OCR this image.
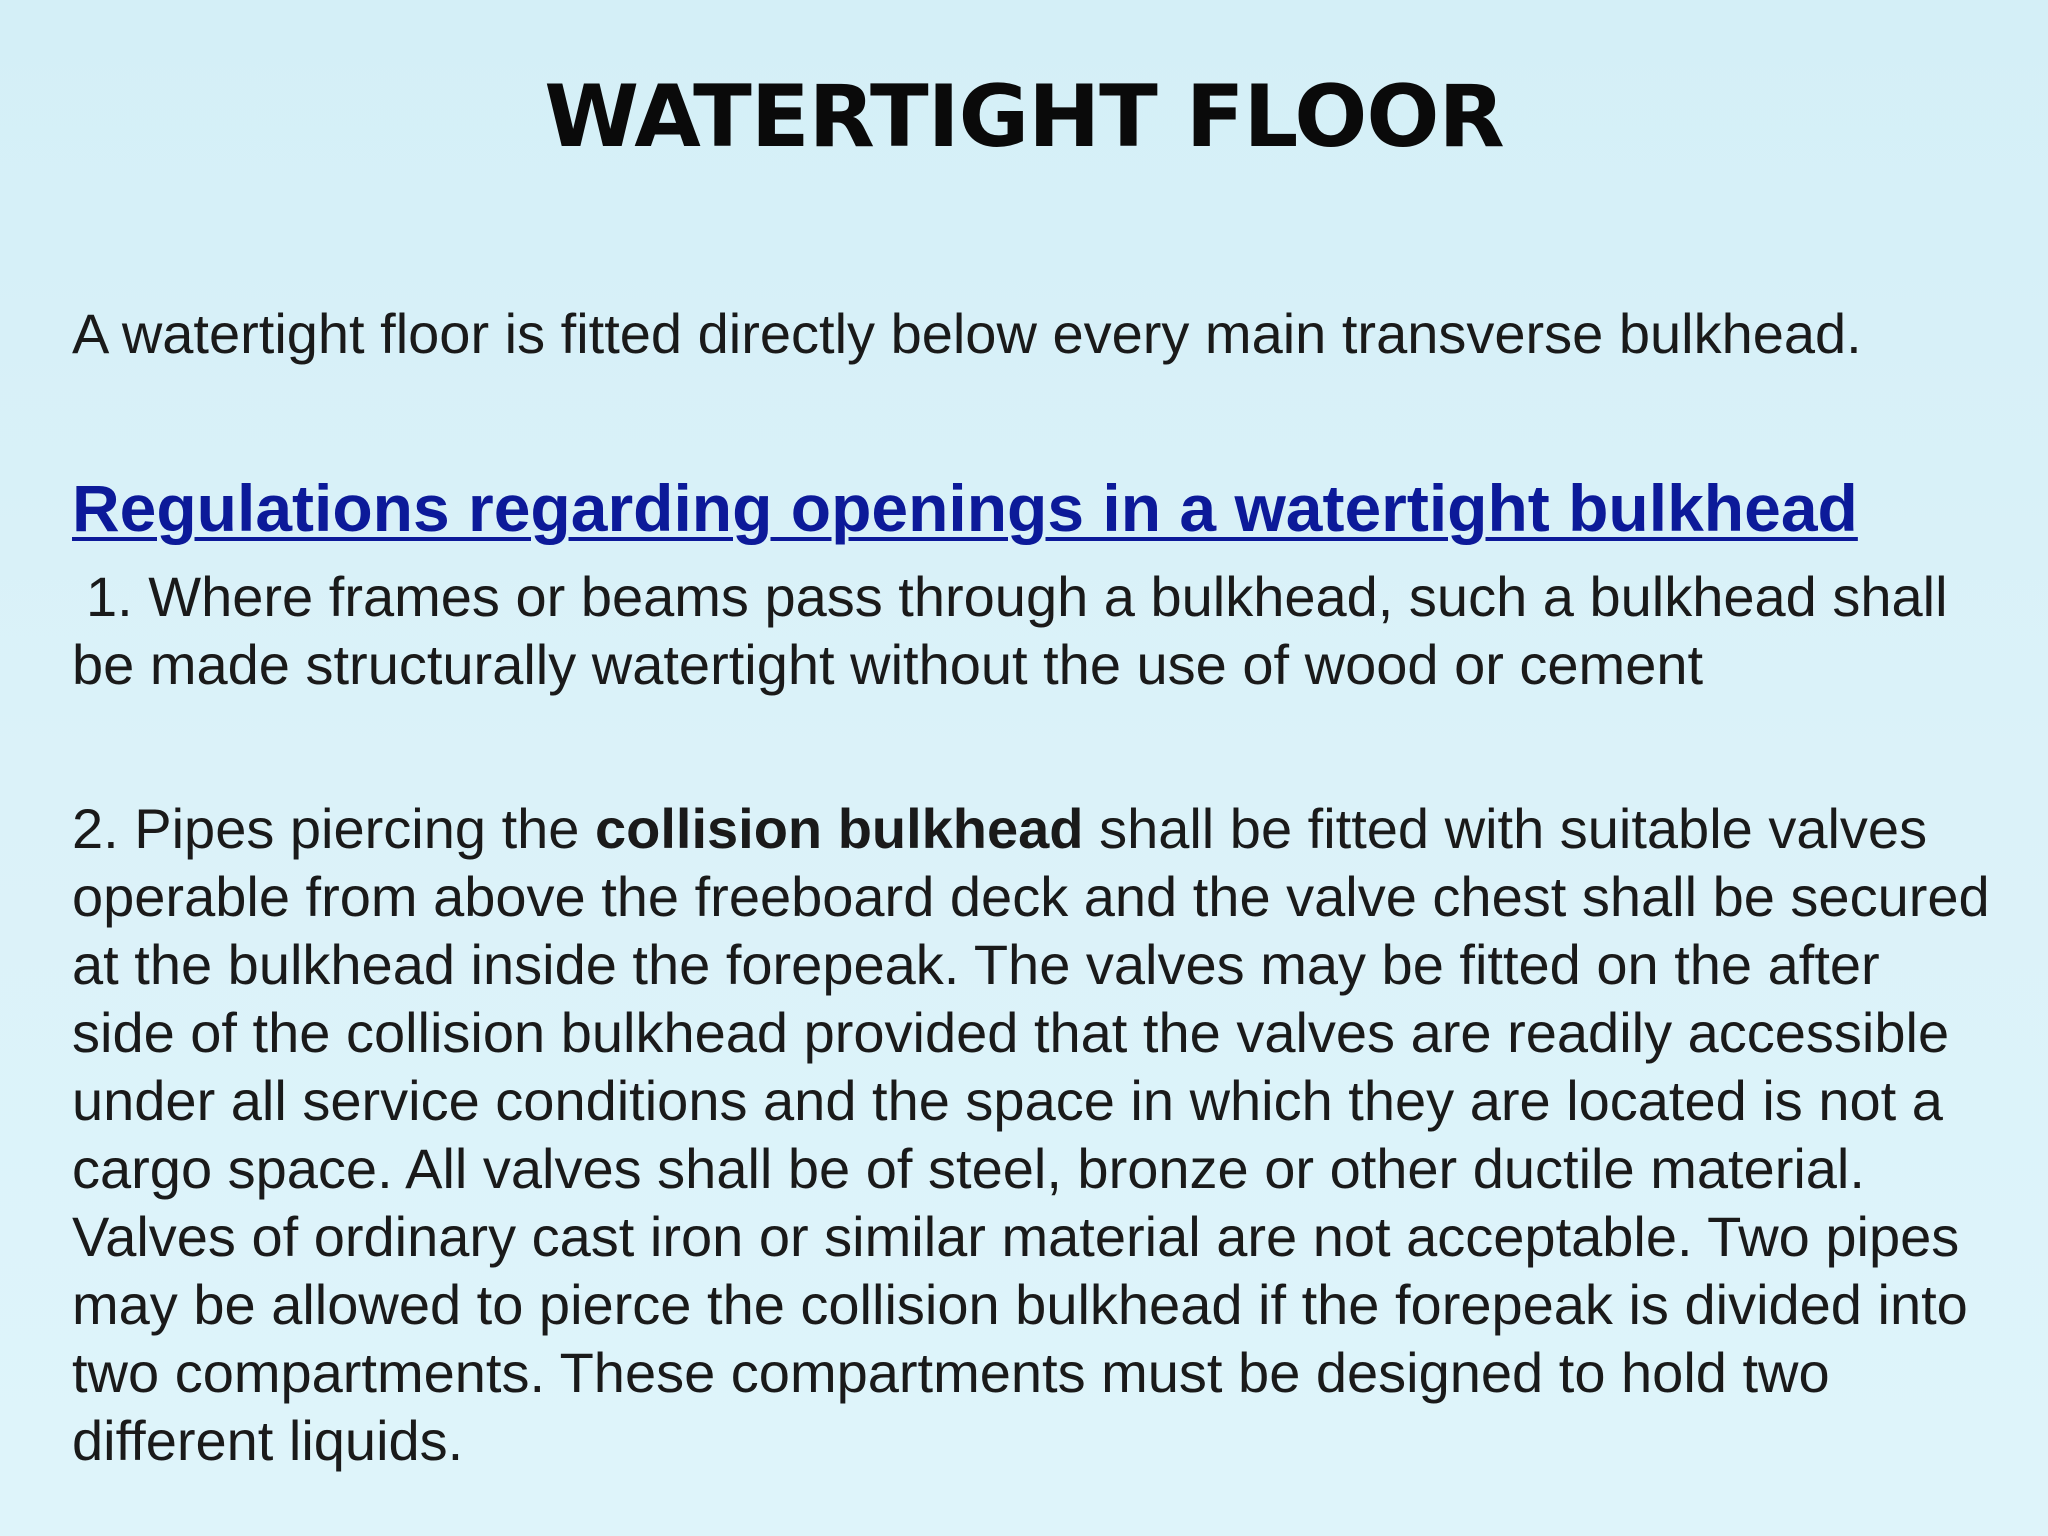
WATERTIGHT FLOOR
A watertight floor is fitted directly below every main transverse bulkhead.
Regulations regarding openings in a watertight bulkhead
1. Where frames or beams pass through a bulkhead, such a bulkhead shall be made structurally watertight without the use of wood or cement
2. Pipes piercing the collision bulkhead shall be fitted with suitable valves operable from above the freeboard deck and the valve chest shall be secured at the bulkhead inside the forepeak. The valves may be fitted on the after side of the collision bulkhead provided that the valves are readily accessible under all service conditions and the space in which they are located is not a cargo space. All valves shall be of steel, bronze or other ductile material. Valves of ordinary cast iron or similar material are not acceptable. Two pipes may be allowed to pierce the collision bulkhead if the forepeak is divided into two compartments. These compartments must be designed to hold two different liquids.
